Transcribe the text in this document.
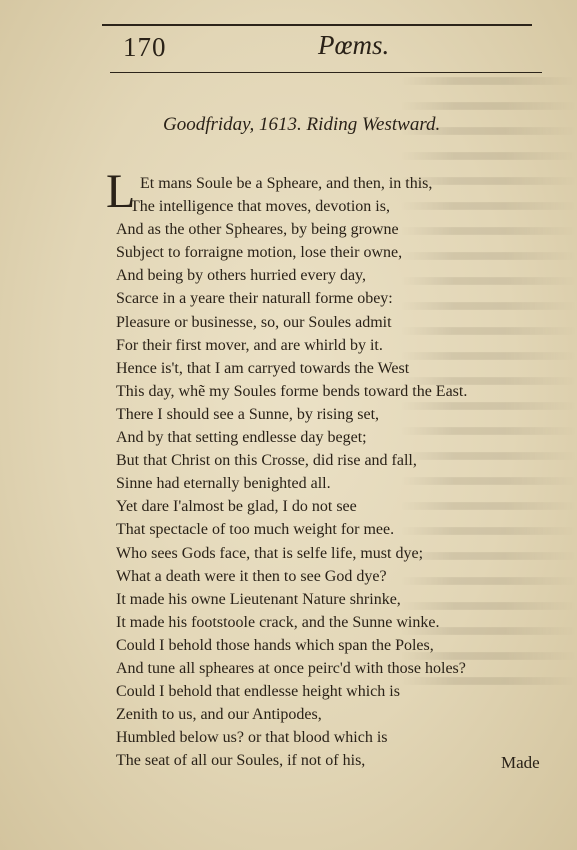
170	Pœms.
Goodfriday, 1613. Riding Westward.
L Et mans Soule be a Spheare, and then, in this,
The intelligence that moves, devotion is,
And as the other Spheares, by being growne
Subject to forraigne motion, lose their owne,
And being by others hurried every day,
Scarce in a yeare their naturall forme obey:
Pleasure or businesse, so, our Soules admit
For their first mover, and are whirld by it.
Hence is't, that I am carryed towards the West
This day, whẽ my Soules forme bends toward the East.
There I should see a Sunne, by rising set,
And by that setting endlesse day beget;
But that Christ on this Crosse, did rise and fall,
Sinne had eternally benighted all.
Yet dare I'almost be glad, I do not see
That spectacle of too much weight for mee.
Who sees Gods face, that is selfe life, must dye;
What a death were it then to see God dye?
It made his owne Lieutenant Nature shrinke,
It made his footstoole crack, and the Sunne winke.
Could I behold those hands which span the Poles,
And tune all spheares at once peirc'd with those holes?
Could I behold that endlesse height which is
Zenith to us, and our Antipodes,
Humbled below us? or that blood which is
The seat of all our Soules, if not of his,	Made
